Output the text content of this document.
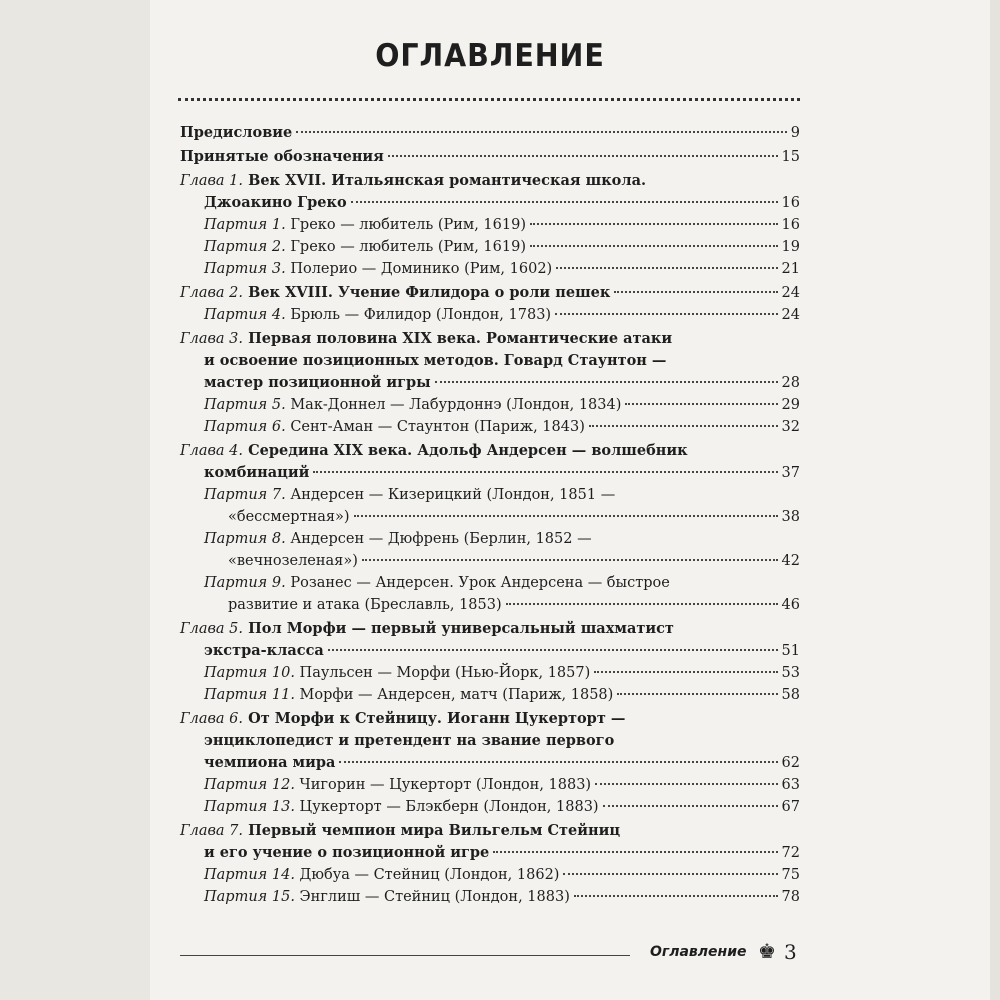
ОГЛАВЛЕНИЕ
Предисловие	9
Принятые обозначения	15
Глава 1. Век XVII. Итальянская романтическая школа.
Джоакино Греко	16
Партия 1. Греко — любитель (Рим, 1619)	16
Партия 2. Греко — любитель (Рим, 1619)	19
Партия 3. Полерио — Доминико (Рим, 1602)	21
Глава 2. Век XVIII. Учение Филидора о роли пешек	24
Партия 4. Брюль — Филидор (Лондон, 1783)	24
Глава 3. Первая половина XIX века. Романтические атаки
и освоение позиционных методов. Говард Стаунтон —
мастер позиционной игры	28
Партия 5. Мак-Доннел — Лабурдоннэ (Лондон, 1834)	29
Партия 6. Сент-Аман — Стаунтон (Париж, 1843)	32
Глава 4. Середина XIX века. Адольф Андерсен — волшебник
комбинаций	37
Партия 7. Андерсен — Кизерицкий (Лондон, 1851 —
«бессмертная»)	38
Партия 8. Андерсен — Дюфрень (Берлин, 1852 —
«вечнозеленая»)	42
Партия 9. Розанес — Андерсен. Урок Андерсена — быстрое
развитие и атака (Бреславль, 1853)	46
Глава 5. Пол Морфи — первый универсальный шахматист
экстра-класса	51
Партия 10. Паульсен — Морфи (Нью-Йорк, 1857)	53
Партия 11. Морфи — Андерсен, матч (Париж, 1858)	58
Глава 6. От Морфи к Стейницу. Иоганн Цукерторт —
энциклопедист и претендент на звание первого
чемпиона мира	62
Партия 12. Чигорин — Цукерторт (Лондон, 1883)	63
Партия 13. Цукерторт — Блэкберн (Лондон, 1883)	67
Глава 7. Первый чемпион мира Вильгельм Стейниц
и его учение о позиционной игре	72
Партия 14. Дюбуа — Стейниц (Лондон, 1862)	75
Партия 15. Энглиш — Стейниц (Лондон, 1883)	78
Оглавление ♚ 3
